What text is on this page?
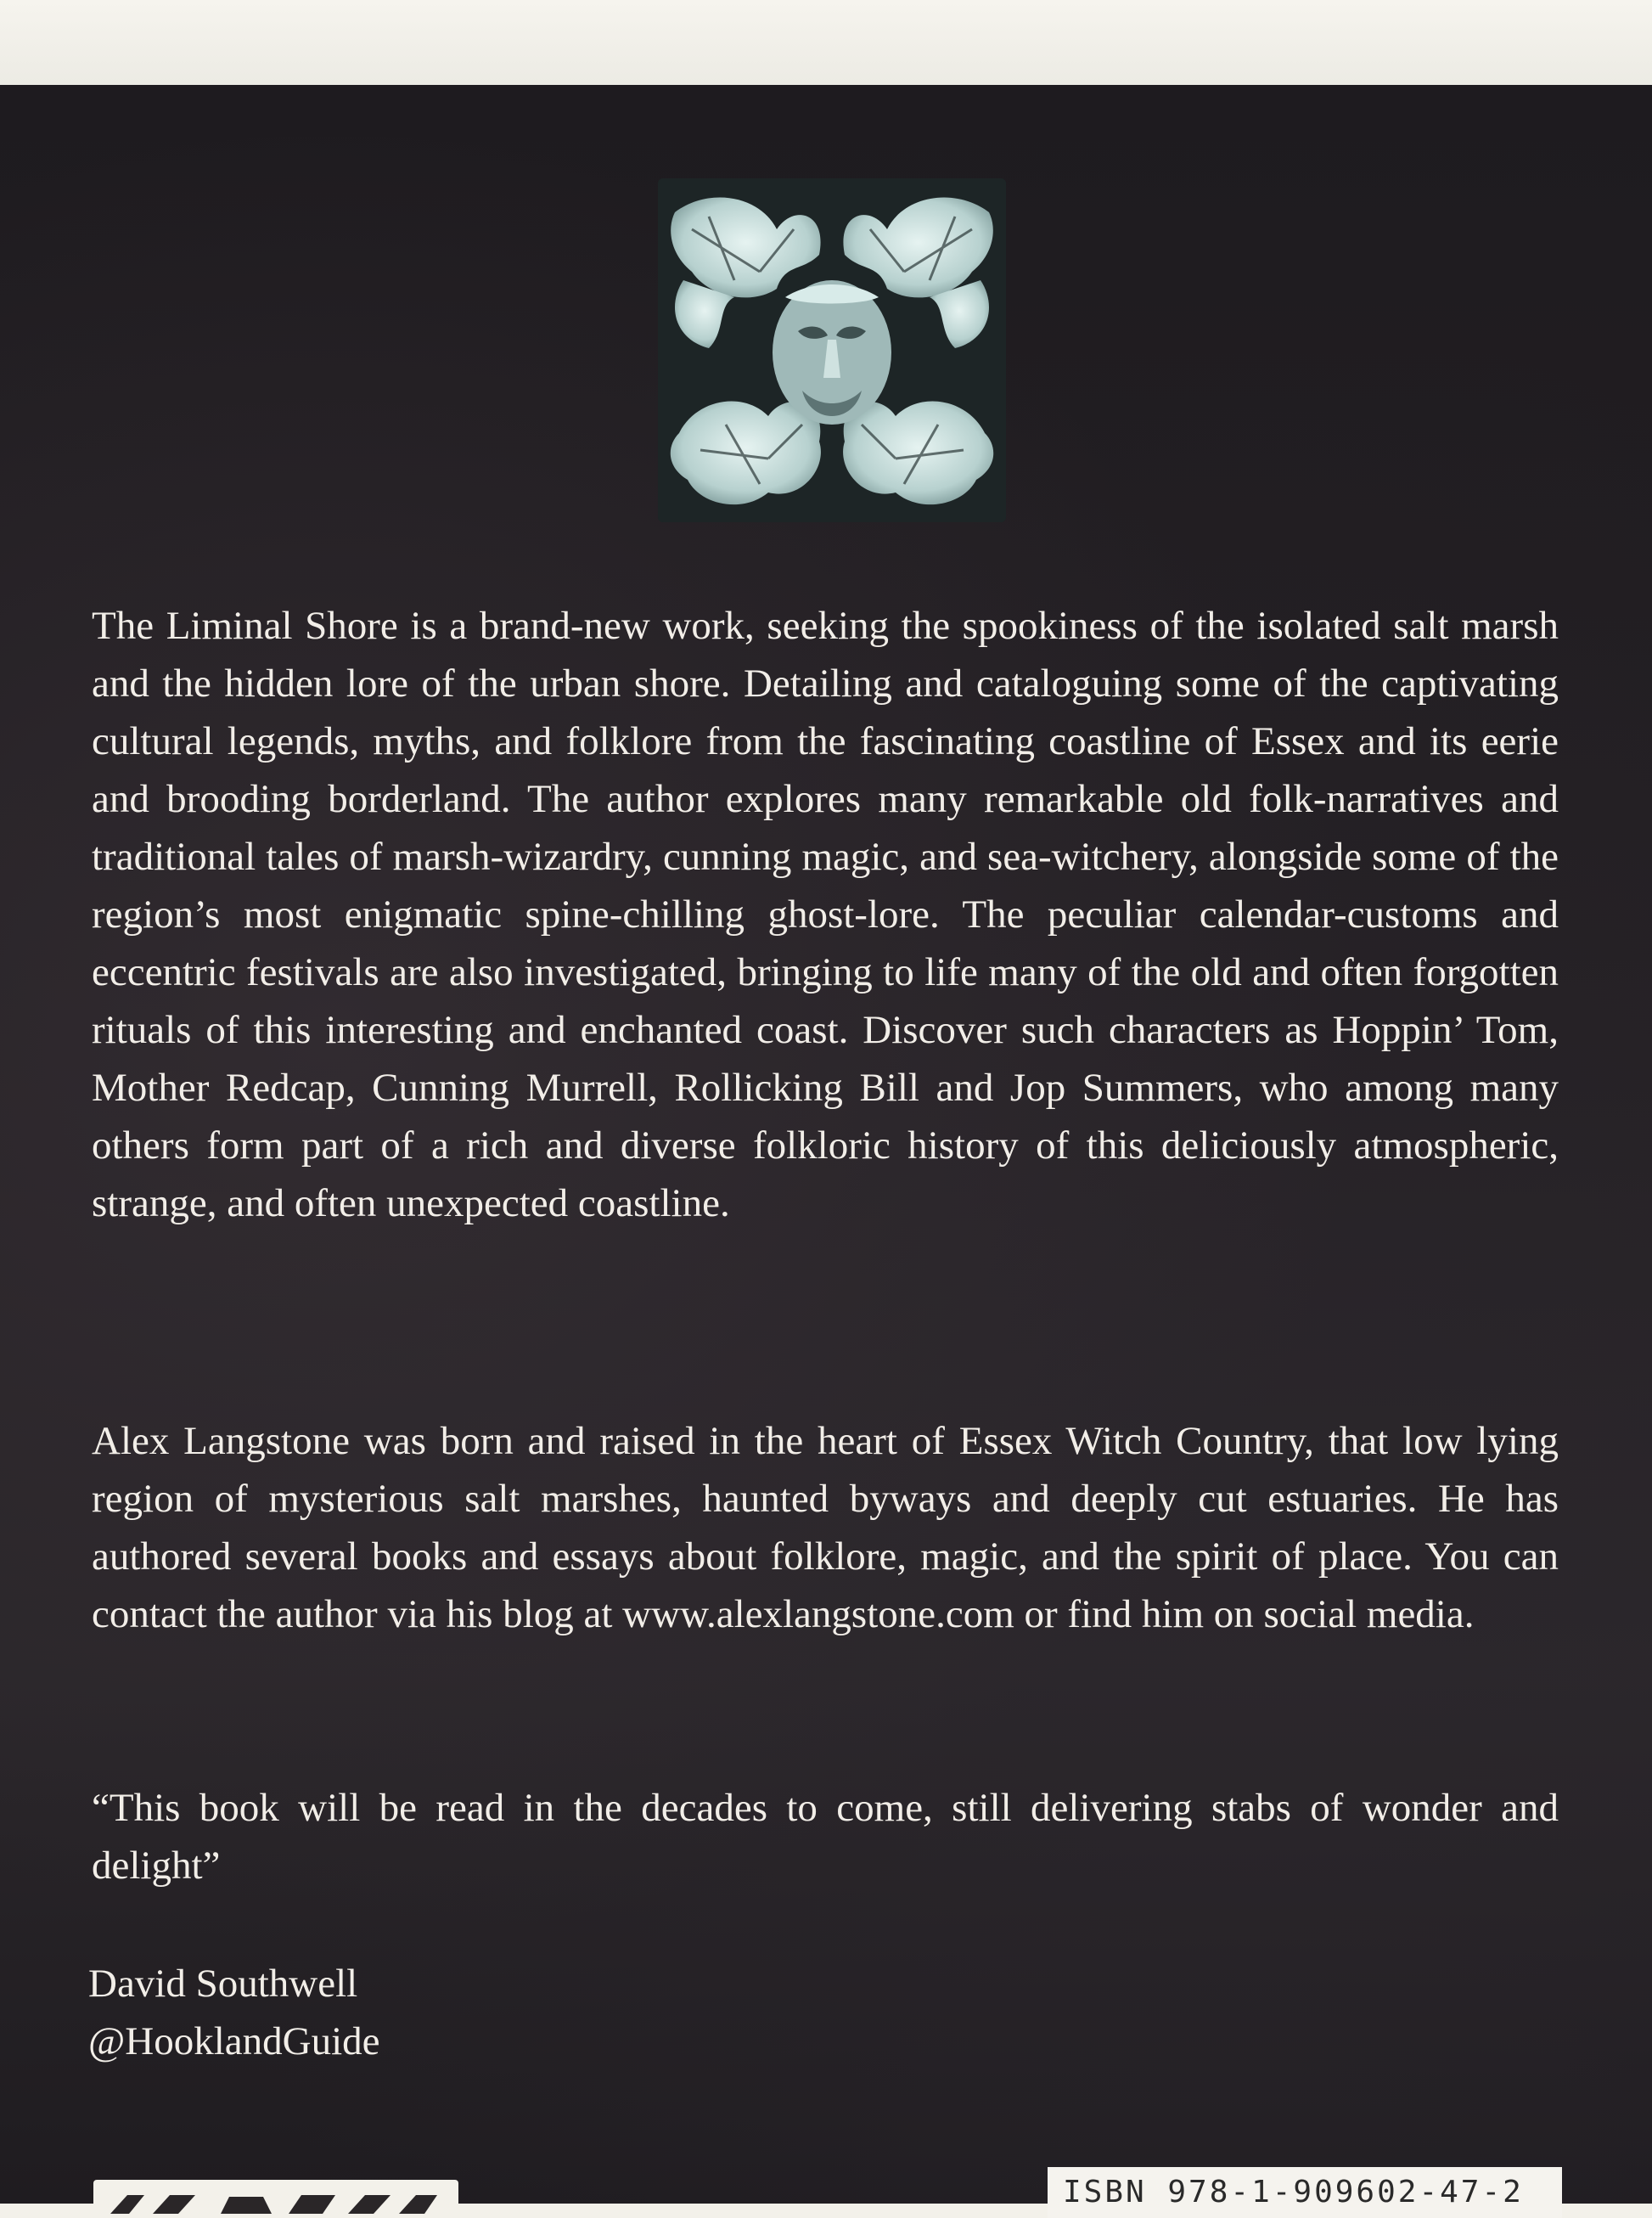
The Liminal Shore is a brand-new work, seeking the spookiness of the isolated salt marsh and the hidden lore of the urban shore. Detailing and cataloguing some of the captivating cultural legends, myths, and folklore from the fascinating coastline of Essex and its eerie and brooding borderland. The author explores many remarkable old folk-narratives and traditional tales of marsh-wizardry, cunning magic, and sea-witchery, alongside some of the region’s most enigmatic spine-chilling ghost-lore. The peculiar calendar-customs and eccentric festivals are also investigated, bringing to life many of the old and often forgotten rituals of this interesting and enchanted coast. Discover such characters as Hoppin’ Tom, Mother Redcap, Cunning Murrell, Rollicking Bill and Jop Summers, who among many others form part of a rich and diverse folkloric history of this deliciously atmospheric, strange, and often unexpected coastline.

Alex Langstone was born and raised in the heart of Essex Witch Country, that low lying region of mysterious salt marshes, haunted byways and deeply cut estuaries. He has authored several books and essays about folklore, magic, and the spirit of place. You can contact the author via his blog at www.alexlangstone.com or find him on social media.

“This book will be read in the decades to come, still delivering stabs of wonder and delight”

David Southwell
@HooklandGuide
ISBN 978-1-909602-47-2
